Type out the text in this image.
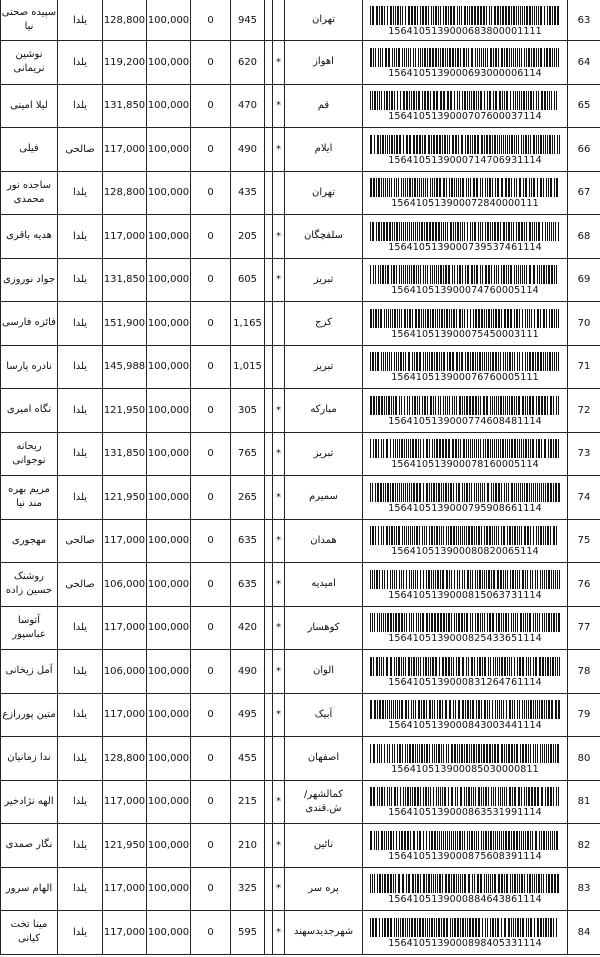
سپیده صحتی نیا	یلدا	128,800	100,000	0	945			تهران	1564105139000683800001111	63
نوشین نریمانی	یلدا	119,200	100,000	0	620		*	اهواز	1564105139000693000006114	64
لیلا امینی	یلدا	131,850	100,000	0	470		*	قم	1564105139000707600037114	65
فیلی	صالحی	117,000	100,000	0	490		*	ایلام	1564105139000714706931114	66
ساجده نور محمدی	یلدا	128,800	100,000	0	435			تهران	156410513900072840000111	67
هدیه باقری	یلدا	117,000	100,000	0	205		*	سلفچگان	1564105139000739537461114	68
جواد نوروزی	یلدا	131,850	100,000	0	605		*	تبریز	156410513900074760005114	69
فائزه فارسی	یلدا	151,900	100,000	0	1,165			کرج	156410513900075450003111	70
نادره پارسا	یلدا	145,988	100,000	0	1,015			تبریز	156410513900076760005111	71
نگاه امیری	یلدا	121,950	100,000	0	305		*	مبارکه	1564105139000774608481114	72
ریحانه نوجوانی	یلدا	131,850	100,000	0	765		*	تبریز	156410513900078160005114	73
مریم بهره مند نیا	یلدا	121,950	100,000	0	265		*	سمیرم	1564105139000795908661114	74
مهجوری	صالحی	117,000	100,000	0	635		*	همدان	156410513900080820065114	75
روشنک حسین زاده	صالحی	106,000	100,000	0	635		*	امیدیه	1564105139000815063731114	76
آتوسا عباسپور	یلدا	117,000	100,000	0	420		*	کوهسار	1564105139000825433651114	77
آمل زیخانی	یلدا	106,000	100,000	0	490		*	الوان	1564105139000831264761114	78
متین پوررازع	یلدا	117,000	100,000	0	495		*	آبیک	1564105139000843003441114	79
ندا زمانیان	یلدا	128,800	100,000	0	455			اصفهان	156410513900085030000811	80
الهه نژادخیر	یلدا	117,000	100,000	0	215		*	کمالشهر/ ش.قندی	1564105139000863531991114	81
نگار صمدی	یلدا	121,950	100,000	0	210		*	نائین	1564105139000875608391114	82
الهام سرور	یلدا	117,000	100,000	0	325		*	پره سر	1564105139000884643861114	83
مینا تخت کیانی	یلدا	117,000	100,000	0	595		*	شهرجدیدسهند	1564105139000898405331114	84
